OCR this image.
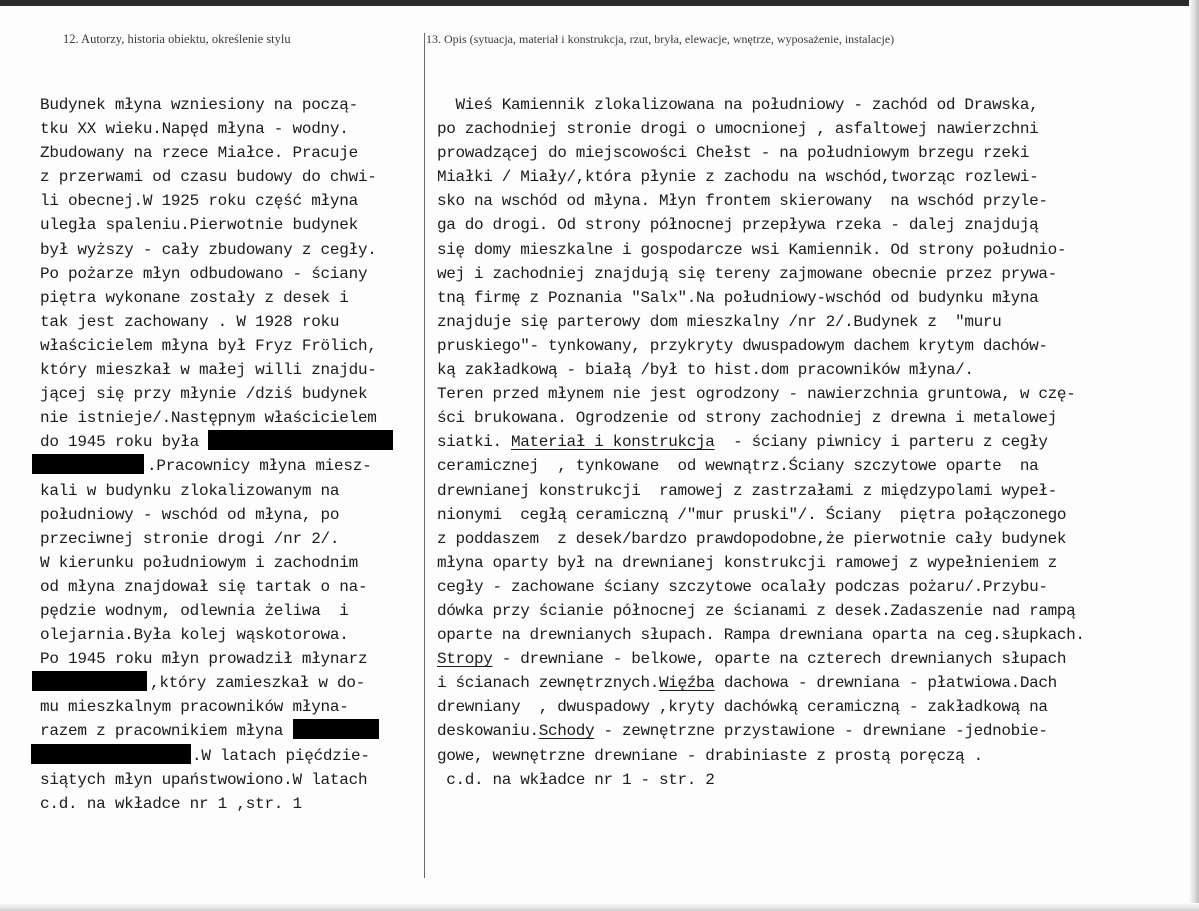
12. Autorzy, historia obiektu, określenie stylu	13. Opis (sytuacja, materiał i konstrukcja, rzut, bryła, elewacje, wnętrze, wyposażenie, instalacje)
Budynek młyna wzniesiony na począ-
tku XX wieku.Napęd młyna - wodny.
Zbudowany na rzece Miałce. Pracuje
z przerwami od czasu budowy do chwi-
li obecnej.W 1925 roku część młyna
uległa spaleniu.Pierwotnie budynek
był wyższy - cały zbudowany z cegły.
Po pożarze młyn odbudowano - ściany
piętra wykonane zostały z desek i
tak jest zachowany . W 1928 roku
właścicielem młyna był Fryz Frӧlich,
który mieszkał w małej willi znajdu-
jącej się przy młynie /dziś budynek
nie istnieje/.Następnym właścicielem
do 1945 roku była
.Pracownicy młyna miesz-
kali w budynku zlokalizowanym na
południowy - wschód od młyna, po
przeciwnej stronie drogi /nr 2/.
W kierunku południowym i zachodnim
od młyna znajdował się tartak o na-
pędzie wodnym, odlewnia żeliwa  i
olejarnia.Była kolej wąskotorowa.
Po 1945 roku młyn prowadził młynarz
,który zamieszkał w do-
mu mieszkalnym pracowników młyna-
razem z pracownikiem młyna
.W latach pięćdzie-
siątych młyn upaństwowiono.W latach
c.d. na wkładce nr 1 ,str. 1
Wieś Kamiennik zlokalizowana na południowy - zachód od Drawska,
po zachodniej stronie drogi o umocnionej , asfaltowej nawierzchni
prowadzącej do miejscowości Chełst - na południowym brzegu rzeki
Miałki / Miały/,która płynie z zachodu na wschód,tworząc rozlewi-
sko na wschód od młyna. Młyn frontem skierowany  na wschód przyle-
ga do drogi. Od strony północnej przepływa rzeka - dalej znajdują
się domy mieszkalne i gospodarcze wsi Kamiennik. Od strony południo-
wej i zachodniej znajdują się tereny zajmowane obecnie przez prywa-
tną firmę z Poznania "Salx".Na południowy-wschód od budynku młyna
znajduje się parterowy dom mieszkalny /nr 2/.Budynek z  "muru
pruskiego"- tynkowany, przykryty dwuspadowym dachem krytym dachów-
ką zakładkową - białą /był to hist.dom pracowników młyna/.
Teren przed młynem nie jest ogrodzony - nawierzchnia gruntowa, w czę-
ści brukowana. Ogrodzenie od strony zachodniej z drewna i metalowej
siatki. Materiał i konstrukcja  - ściany piwnicy i parteru z cegły
ceramicznej  , tynkowane  od wewnątrz.Ściany szczytowe oparte  na
drewnianej konstrukcji  ramowej z zastrzałami z międzypolami wypeł-
nionymi  cegłą ceramiczną /"mur pruski"/. Ściany  piętra połączonego
z poddaszem  z desek/bardzo prawdopodobne,że pierwotnie cały budynek
młyna oparty był na drewnianej konstrukcji ramowej z wypełnieniem z
cegły - zachowane ściany szczytowe ocalały podczas pożaru/.Przybu-
dówka przy ścianie północnej ze ścianami z desek.Zadaszenie nad rampą
oparte na drewnianych słupach. Rampa drewniana oparta na ceg.słupkach.
Stropy - drewniane - belkowe, oparte na czterech drewnianych słupach
i ścianach zewnętrznych.Więźba dachowa - drewniana - płatwiowa.Dach
drewniany  , dwuspadowy ,kryty dachówką ceramiczną - zakładkową na
deskowaniu.Schody - zewnętrzne przystawione - drewniane -jednobie-
gowe, wewnętrzne drewniane - drabiniaste z prostą poręczą .
c.d. na wkładce nr 1 - str. 2
